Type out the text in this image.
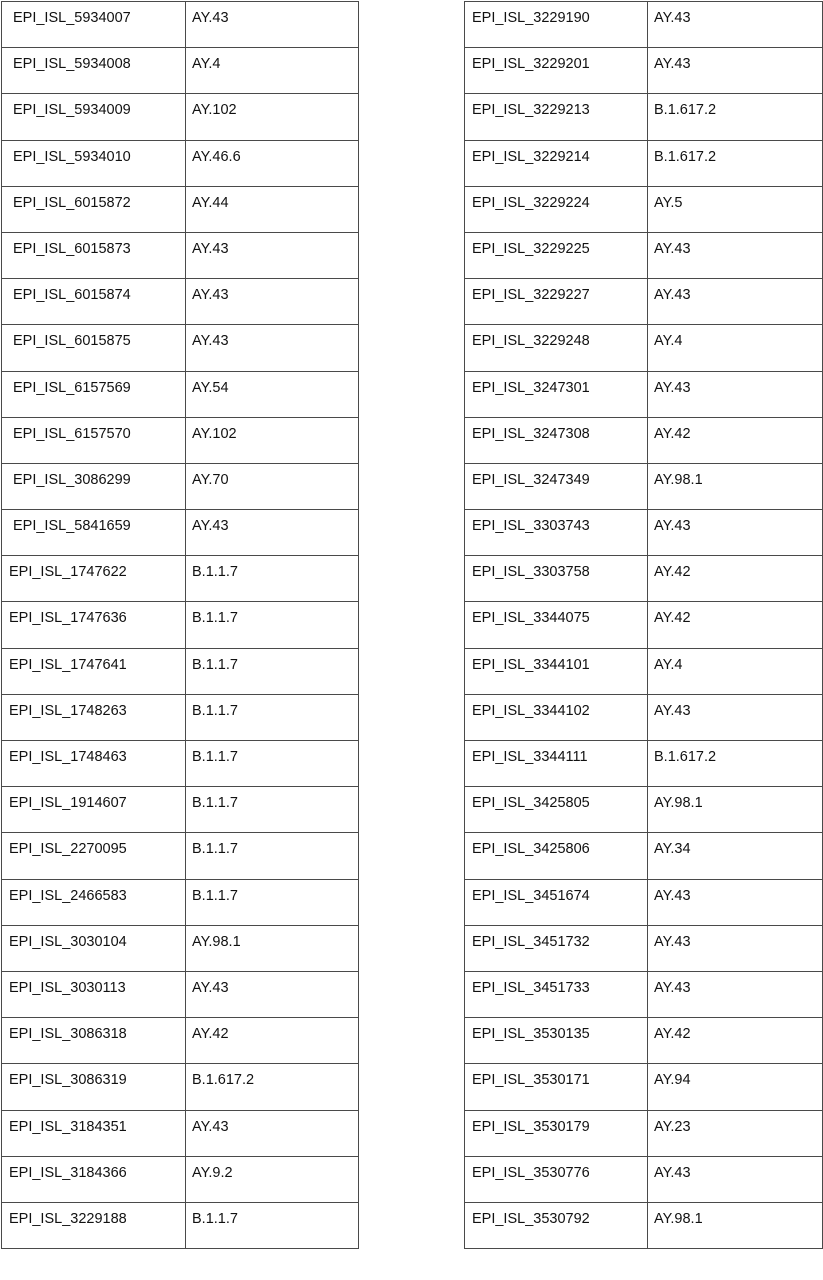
EPI_ISL_5934007	AY.43

EPI_ISL_5934008	AY.4

EPI_ISL_5934009	AY.102

EPI_ISL_5934010	AY.46.6

EPI_ISL_6015872	AY.44

EPI_ISL_6015873	AY.43

EPI_ISL_6015874	AY.43

EPI_ISL_6015875	AY.43

EPI_ISL_6157569	AY.54

EPI_ISL_6157570	AY.102

EPI_ISL_3086299	AY.70

EPI_ISL_5841659	AY.43

EPI_ISL_1747622	B.1.1.7

EPI_ISL_1747636	B.1.1.7

EPI_ISL_1747641	B.1.1.7

EPI_ISL_1748263	B.1.1.7

EPI_ISL_1748463	B.1.1.7

EPI_ISL_1914607	B.1.1.7

EPI_ISL_2270095	B.1.1.7

EPI_ISL_2466583	B.1.1.7

EPI_ISL_3030104	AY.98.1

EPI_ISL_3030113	AY.43

EPI_ISL_3086318	AY.42

EPI_ISL_3086319	B.1.617.2

EPI_ISL_3184351	AY.43

EPI_ISL_3184366	AY.9.2

EPI_ISL_3229188	B.1.1.7
EPI_ISL_3229190	AY.43

EPI_ISL_3229201	AY.43

EPI_ISL_3229213	B.1.617.2

EPI_ISL_3229214	B.1.617.2

EPI_ISL_3229224	AY.5

EPI_ISL_3229225	AY.43

EPI_ISL_3229227	AY.43

EPI_ISL_3229248	AY.4

EPI_ISL_3247301	AY.43

EPI_ISL_3247308	AY.42

EPI_ISL_3247349	AY.98.1

EPI_ISL_3303743	AY.43

EPI_ISL_3303758	AY.42

EPI_ISL_3344075	AY.42

EPI_ISL_3344101	AY.4

EPI_ISL_3344102	AY.43

EPI_ISL_3344111	B.1.617.2

EPI_ISL_3425805	AY.98.1

EPI_ISL_3425806	AY.34

EPI_ISL_3451674	AY.43

EPI_ISL_3451732	AY.43

EPI_ISL_3451733	AY.43

EPI_ISL_3530135	AY.42

EPI_ISL_3530171	AY.94

EPI_ISL_3530179	AY.23

EPI_ISL_3530776	AY.43

EPI_ISL_3530792	AY.98.1
